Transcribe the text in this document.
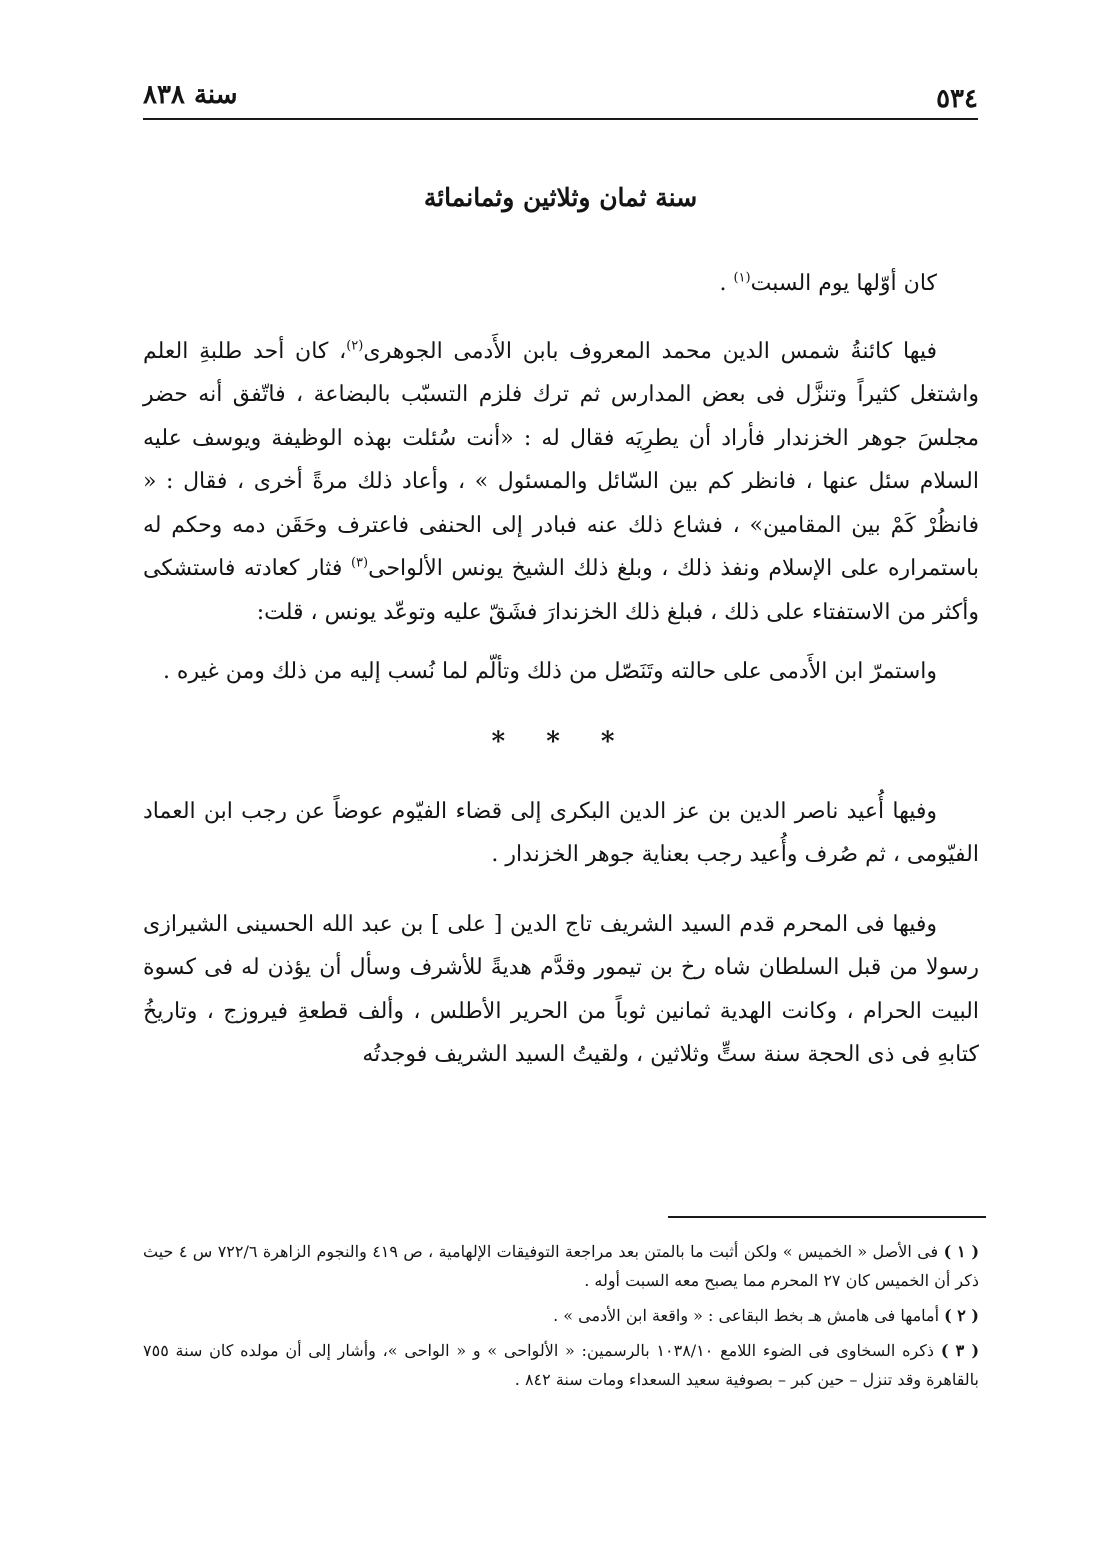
٥٣٤
سنة ٨٣٨
سنة ثمان وثلاثين وثمانمائة

كان أوّلها يوم السبت$^{(١)}$ .

فيها كائنةُ شمس الدين محمد المعروف بابن الأَدمى الجوهرى$^{(٢)}$، كان أحد طلبةِ العلم واشتغل كثيراً وتنزَّل فى بعض المدارس ثم ترك فلزم التسبّب بالبضاعة ، فاتّفق أنه حضر مجلسَ جوهر الخزندار فأراد أن يطرِيَه فقال له : «أنت سُئلت بهذه الوظيفة ويوسف عليه السلام سئل عنها ، فانظر كم بين السّائل والمسئول » ، وأعاد ذلك مرةً أخرى ، فقال : « فانظُرْ كَمْ بين المقامين» ، فشاع ذلك عنه فبادر إلى الحنفى فاعترف وحَقَن دمه وحكم له باستمراره على الإسلام ونفذ ذلك ، وبلغ ذلك الشيخ يونس الألواحى$^{(٣)}$ فثار كعادته فاستشكى وأكثر من الاستفتاء على ذلك ، فبلغ ذلك الخزندارَ فشَقّ عليه وتوعّد يونس ، قلت:

واستمرّ ابن الأَدمى على حالته وتَنَصّل من ذلك وتألّم لما نُسب إليه من ذلك ومن غيره .

* * *

وفيها أُعيد ناصر الدين بن عز الدين البكرى إلى قضاء الفيّوم عوضاً عن رجب ابن العماد الفيّومى ، ثم صُرف وأُعيد رجب بعناية جوهر الخزندار .

وفيها فى المحرم قدم السيد الشريف تاج الدين [ على ] بن عبد الله الحسينى الشيرازى رسولا من قبل السلطان شاه رخ بن تيمور وقدَّم هديةً للأشرف وسأل أن يؤذن له فى كسوة البيت الحرام ، وكانت الهدية ثمانين ثوباً من الحرير الأطلس ، وألف قطعةِ فيروزج ، وتاريخُ كتابهِ فى ذى الحجة سنة ستٍّ وثلاثين ، ولقيتُ السيد الشريف فوجدتُه

( ١ ) فى الأصل « الخميس » ولكن أثبت ما بالمتن بعد مراجعة التوفيقات الإلهامية ، ص ٤١٩ والنجوم الزاهرة ٧٢٢/٦ س ٤ حيث ذكر أن الخميس كان ٢٧ المحرم مما يصبح معه السبت أوله .

( ٢ ) أمامها فى هامش هـ بخط البقاعى : « واقعة ابن الأدمى » .

( ٣ ) ذكره السخاوى فى الضوء اللامع ١٠٣٨/١٠ بالرسمين: « الألواحى » و « الواحى »، وأشار إلى أن مولده كان سنة ٧٥٥ بالقاهرة وقد تنزل – حين كبر – بصوفية سعيد السعداء ومات سنة ٨٤٢ .
